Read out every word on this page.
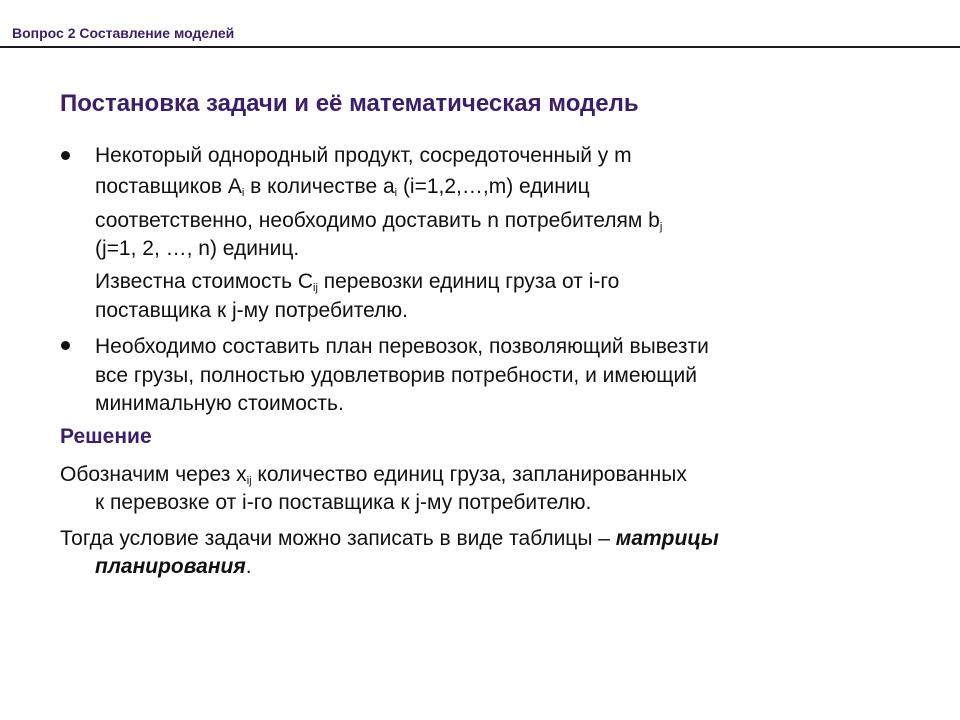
Вопрос 2 Составление моделей
Постановка задачи и её математическая модель
Некоторый однородный продукт, сосредоточенный у m
поставщиков $A_i$ в количестве $a_i$ (i=1,2,…,m) единиц
соответственно, необходимо доставить n потребителям $b_j$
(j=1, 2, …, n) единиц.
Известна стоимость $C_{ij}$ перевозки единиц груза от i-го
поставщика к j-му потребителю.
Необходимо составить план перевозок, позволяющий вывезти
все грузы, полностью удовлетворив потребности, и имеющий
минимальную стоимость.
Решение
Обозначим через $x_{ij}$ количество единиц груза, запланированных
к перевозке от i-го поставщика к j-му потребителю.
Тогда условие задачи можно записать в виде таблицы – матрицы
планирования.
